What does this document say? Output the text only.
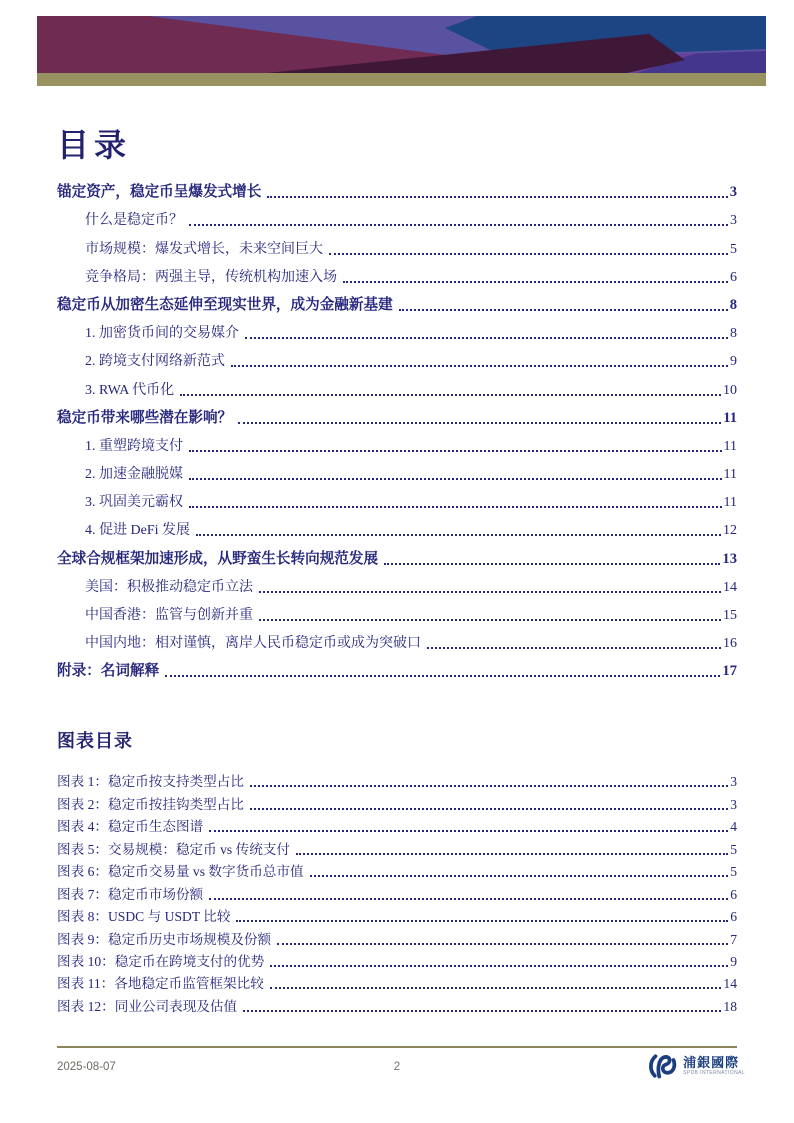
目录
锚定资产，稳定币呈爆发式增长	3
什么是稳定币？	3
市场规模：爆发式增长，未来空间巨大	5
竞争格局：两强主导，传统机构加速入场	6
稳定币从加密生态延伸至现实世界，成为金融新基建	8
1. 加密货币间的交易媒介	8
2. 跨境支付网络新范式	9
3. RWA 代币化	10
稳定币带来哪些潜在影响？	11
1. 重塑跨境支付	11
2. 加速金融脱媒	11
3. 巩固美元霸权	11
4. 促进 DeFi 发展	12
全球合规框架加速形成，从野蛮生长转向规范发展	13
美国：积极推动稳定币立法	14
中国香港：监管与创新并重	15
中国内地：相对谨慎，离岸人民币稳定币或成为突破口	16
附录：名词解释	17
图表目录
图表 1：稳定币按支持类型占比	3
图表 2：稳定币按挂钩类型占比	3
图表 4：稳定币生态图谱	4
图表 5：交易规模：稳定币 vs 传统支付	5
图表 6：稳定币交易量 vs 数字货币总市值	5
图表 7：稳定币市场份额	6
图表 8：USDC 与 USDT 比较	6
图表 9：稳定币历史市场规模及份额	7
图表 10：稳定币在跨境支付的优势	9
图表 11：各地稳定币监管框架比较	14
图表 12：同业公司表现及估值	18
2025-08-07	2	浦銀國際
SPDB INTERNATIONAL
